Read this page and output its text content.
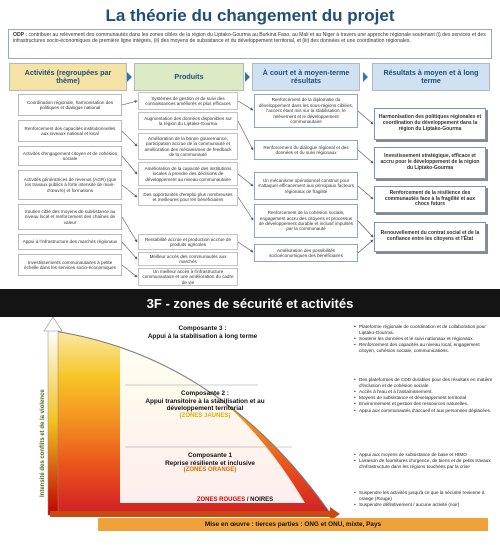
La théorie du changement du projet
ODP : contribuer au relèvement des communautés dans les zones cibles de la région du Liptako-Gourma au Burkina Faso, au Mali et au Niger à travers une approche régionale soutenant (i) des services et des infrastructures socio-économiques de première ligne intégrés, (ii) des moyens de subsistance et du développement territorial, et (iii) des données et une coordination régionales.
Activités (regroupées par thème)	Produits	À court et à moyen-terme résultats
Résultats à moyen et à long terme
Coordination régionale, harmonisation des politiques et dialogue national
Renforcement des capacités institutionnelles aux niveaux national et local
Activités d'engagement citoyen et de cohésion sociale
Activités génératrices de revenus (AGR) (que les travaux publics à forte intensité de main-d'œuvre) et formations
Soutien ciblé des moyens de subsistance au niveau local et renforcement des chaînes de valeur
Appui à l'infrastructure des marchés régionaux
Investissements communautaires à petite échelle dans les services socio-économiques
Systèmes de gestion et de suivi des connaissances améliorés et plus efficaces
Augmentation des données disponibles sur la région du Liptako-Gourma
Amélioration de la bonne gouvernance, participation accrue de la communauté et amélioration des mécanismes de feedback de la communauté
Amélioration de la capacité des institutions locales à prendre des décisions de développement au niveau communautaire
Des opportunités d'emploi plus nombreuses et meilleures pour les bénéficiaires
Rentabilité accrue et production accrue de produits agricoles
Meilleur accès des communautés aux marchés
Un meilleur accès à l'infrastructure communautaire et une amélioration du cadre de vie
Renforcement de la diplomatie du développement dans les sous-régions ciblées, l'accent étant mis sur la stabilisation, le relèvement et le développement communautaire
Renforcement du dialogue régional et des données et du suivi régionaux
Un mécanisme opérationnel construit pour s'attaquer efficacement aux principaux facteurs régionaux de fragilité
Renforcement de la cohésion sociale, engagement accru des citoyens et processus de développement durable et inclusif impulsés par la communauté
Amélioration des possibilités socioéconomiques des bénéficiaires
Harmonisation des politiques régionales et coordination du développement dans la région du Liptako-Gourma
Investissement stratégique, efficace et accru pour le développement de la région du Liptako-Gourma
Renforcement de la résilience des communautés face à la fragilité et aux chocs futurs
Renouvellement du contrat social et de la confiance entre les citoyens et l'État
3F - zones de sécurité et activités
Intensité des conflits et de la violence
Composante 3 :
Appui à la stabilisation à long terme
Composante 2 :
Appui transitoire à la stabilisation et au développement territorial
(ZONES JAUNES)
Composante 1
Reprise résiliente et inclusive
(ZONES ORANGE)
ZONES ROUGES / NOIRES
• Plateforme régionale de coordination et de collaboration pour Liptako-Gourma.
• Soutenir les données et le suivi nationaux et régionaux.
• Renforcement des capacités au niveau local, engagement citoyen, cohésion sociale, communications.
• Des plateformes de CDD durables pour des résultats en matière d'inclusion et de cohésion sociale
• Accès à l'eau et à l'assainissement.
• Moyens de subsistance et développement territorial
• Environnement et gestion des ressources naturelles.
• Appui aux communautés d'accueil et aux personnes déplacées.
• Appui aux moyens de subsistance de base et HIMO
• Livraison de fournitures d'urgence, de biens et de petits travaux d'infrastructure dans les régions touchées par la crise
• Suspendre les activités jusqu'à ce que la sécurité revienne à orange (Rouge)
• Suspendre définitivement / aucune activité (noir)
Mise en œuvre : tierces parties : ONG et ONU, mixte, Pays
